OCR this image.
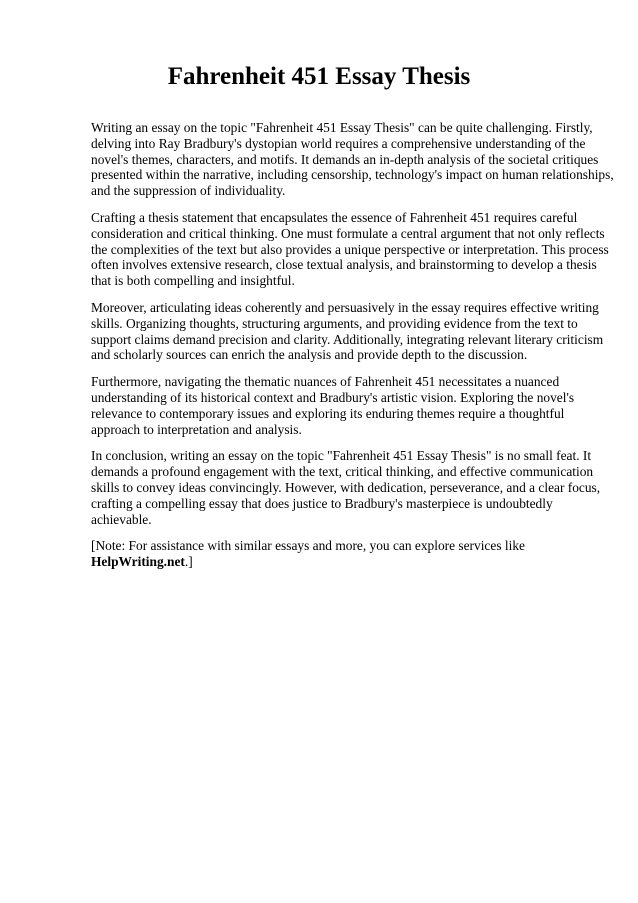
Fahrenheit 451 Essay Thesis

Writing an essay on the topic "Fahrenheit 451 Essay Thesis" can be quite challenging. Firstly,
delving into Ray Bradbury's dystopian world requires a comprehensive understanding of the
novel's themes, characters, and motifs. It demands an in-depth analysis of the societal critiques
presented within the narrative, including censorship, technology's impact on human relationships,
and the suppression of individuality.

Crafting a thesis statement that encapsulates the essence of Fahrenheit 451 requires careful
consideration and critical thinking. One must formulate a central argument that not only reflects
the complexities of the text but also provides a unique perspective or interpretation. This process
often involves extensive research, close textual analysis, and brainstorming to develop a thesis
that is both compelling and insightful.

Moreover, articulating ideas coherently and persuasively in the essay requires effective writing
skills. Organizing thoughts, structuring arguments, and providing evidence from the text to
support claims demand precision and clarity. Additionally, integrating relevant literary criticism
and scholarly sources can enrich the analysis and provide depth to the discussion.

Furthermore, navigating the thematic nuances of Fahrenheit 451 necessitates a nuanced
understanding of its historical context and Bradbury's artistic vision. Exploring the novel's
relevance to contemporary issues and exploring its enduring themes require a thoughtful
approach to interpretation and analysis.

In conclusion, writing an essay on the topic "Fahrenheit 451 Essay Thesis" is no small feat. It
demands a profound engagement with the text, critical thinking, and effective communication
skills to convey ideas convincingly. However, with dedication, perseverance, and a clear focus,
crafting a compelling essay that does justice to Bradbury's masterpiece is undoubtedly
achievable.

[Note: For assistance with similar essays and more, you can explore services like
HelpWriting.net.]
